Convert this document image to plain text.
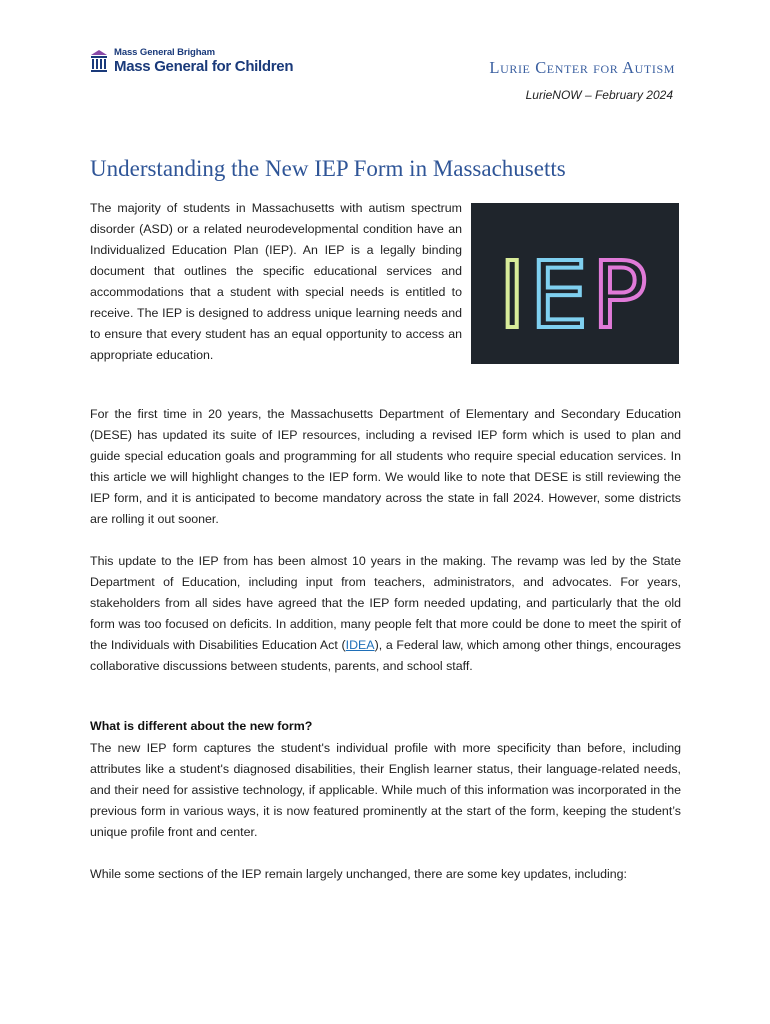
Mass General Brigham
Mass General for Children	Lurie Center for Autism
LurieNOW – February 2024
Understanding the New IEP Form in Massachusetts

The majority of students in Massachusetts with autism spectrum disorder (ASD) or a related neurodevelopmental condition have an Individualized Education Plan (IEP). An IEP is a legally binding document that outlines the specific educational services and accommodations that a student with special needs is entitled to receive. The IEP is designed to address unique learning needs and to ensure that every student has an equal opportunity to access an appropriate education.

IEP

For the first time in 20 years, the Massachusetts Department of Elementary and Secondary Education (DESE) has updated its suite of IEP resources, including a revised IEP form which is used to plan and guide special education goals and programming for all students who require special education services. In this article we will highlight changes to the IEP form. We would like to note that DESE is still reviewing the IEP form, and it is anticipated to become mandatory across the state in fall 2024. However, some districts are rolling it out sooner.

This update to the IEP from has been almost 10 years in the making. The revamp was led by the State Department of Education, including input from teachers, administrators, and advocates. For years, stakeholders from all sides have agreed that the IEP form needed updating, and particularly that the old form was too focused on deficits. In addition, many people felt that more could be done to meet the spirit of the Individuals with Disabilities Education Act (IDEA), a Federal law, which among other things, encourages collaborative discussions between students, parents, and school staff.

What is different about the new form?

The new IEP form captures the student's individual profile with more specificity than before, including attributes like a student's diagnosed disabilities, their English learner status, their language-related needs, and their need for assistive technology, if applicable. While much of this information was incorporated in the previous form in various ways, it is now featured prominently at the start of the form, keeping the student’s unique profile front and center.

While some sections of the IEP remain largely unchanged, there are some key updates, including:
